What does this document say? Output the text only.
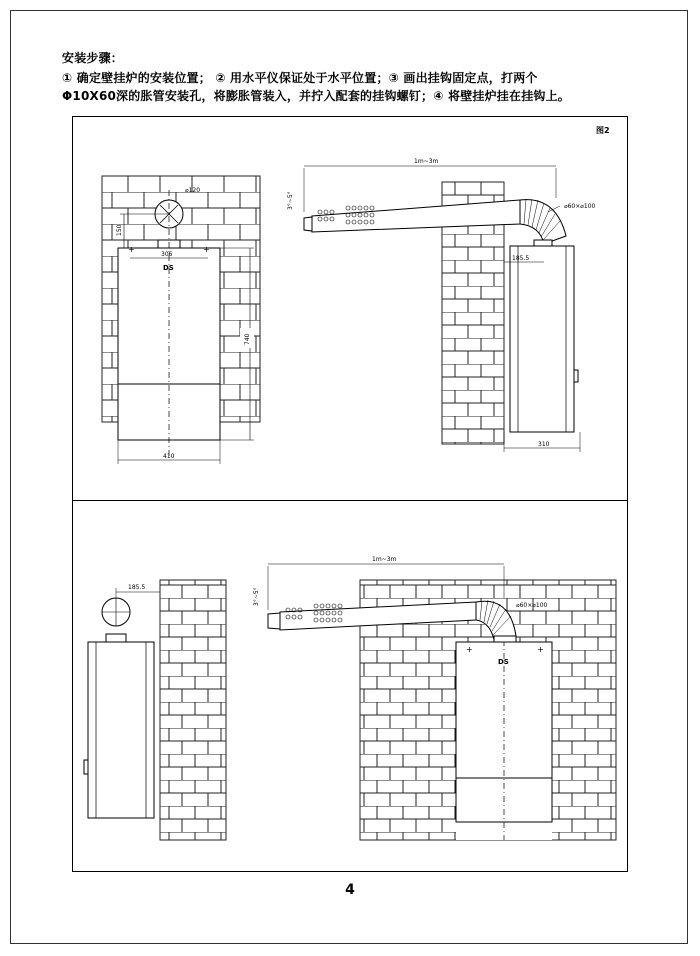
安装步骤：
① 确定壁挂炉的安装位置； ② 用水平仪保证处于水平位置；③ 画出挂钩固定点，打两个
Φ10X60深的胀管安装孔，将膨胀管装入，并拧入配套的挂钩螺钉；④ 将壁挂炉挂在挂钩上。
图2
⌀120
150
+	+
306
DS
740
410
185.5
310
1m~3m
⌀60×⌀100
3°~5°
185.5
+	+
DS
1m~3m
⌀60×⌀100
3°~5°
4
